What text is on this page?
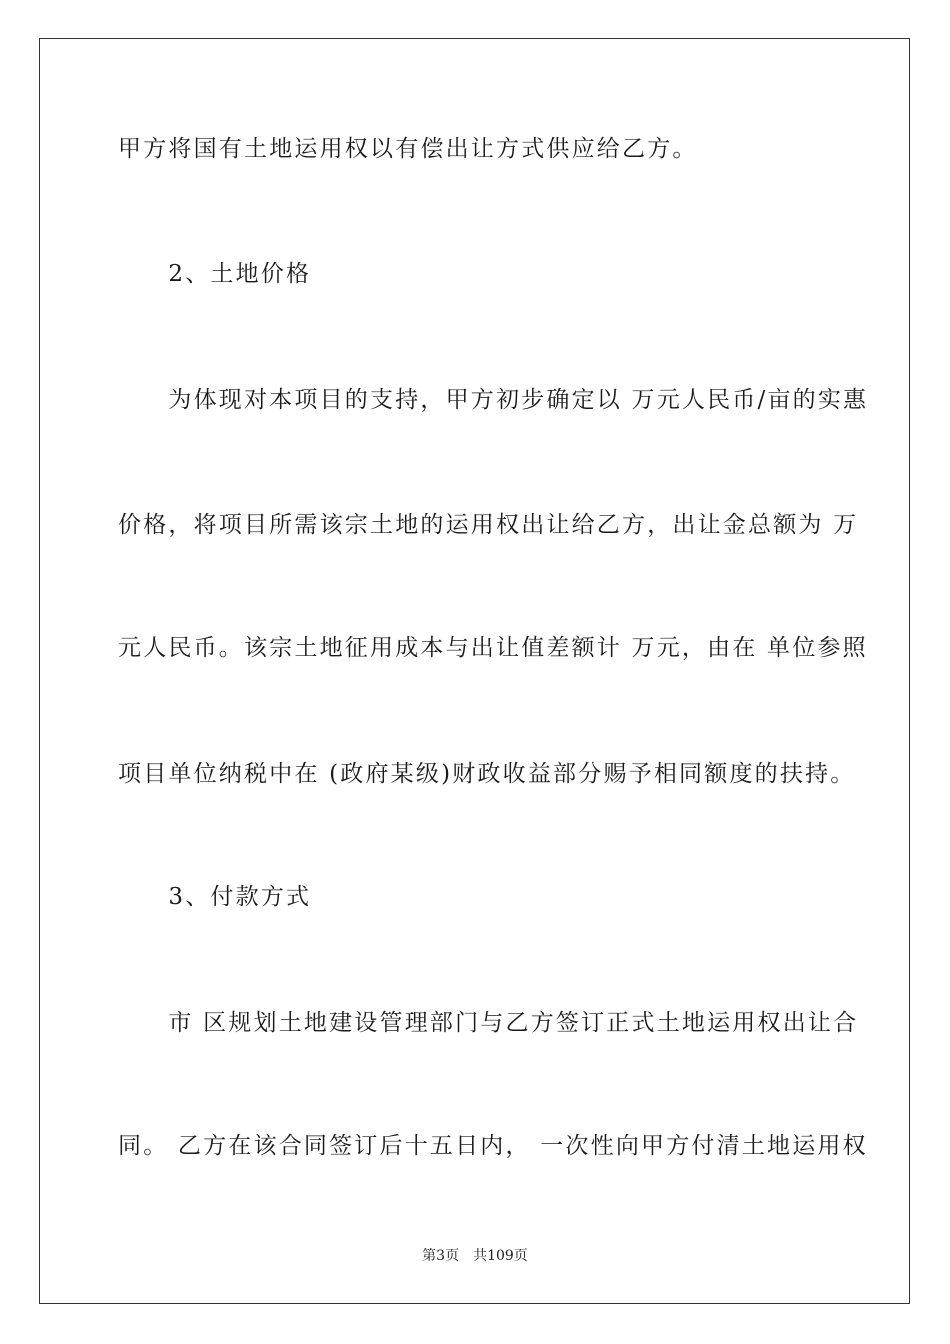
甲方将国有土地运用权以有偿出让方式供应给乙方。
　　2、土地价格
　　为体现对本项目的支持，甲方初步确定以 万元人民币/亩的实惠
价格，将项目所需该宗土地的运用权出让给乙方，出让金总额为 万
元人民币。该宗土地征用成本与出让值差额计 万元，由在 单位参照
项目单位纳税中在 (政府某级)财政收益部分赐予相同额度的扶持。
　　3、付款方式
　　市 区规划土地建设管理部门与乙方签订正式土地运用权出让合
同。 乙方在该合同签订后十五日内， 一次性向甲方付清土地运用权
第3页　共109页
